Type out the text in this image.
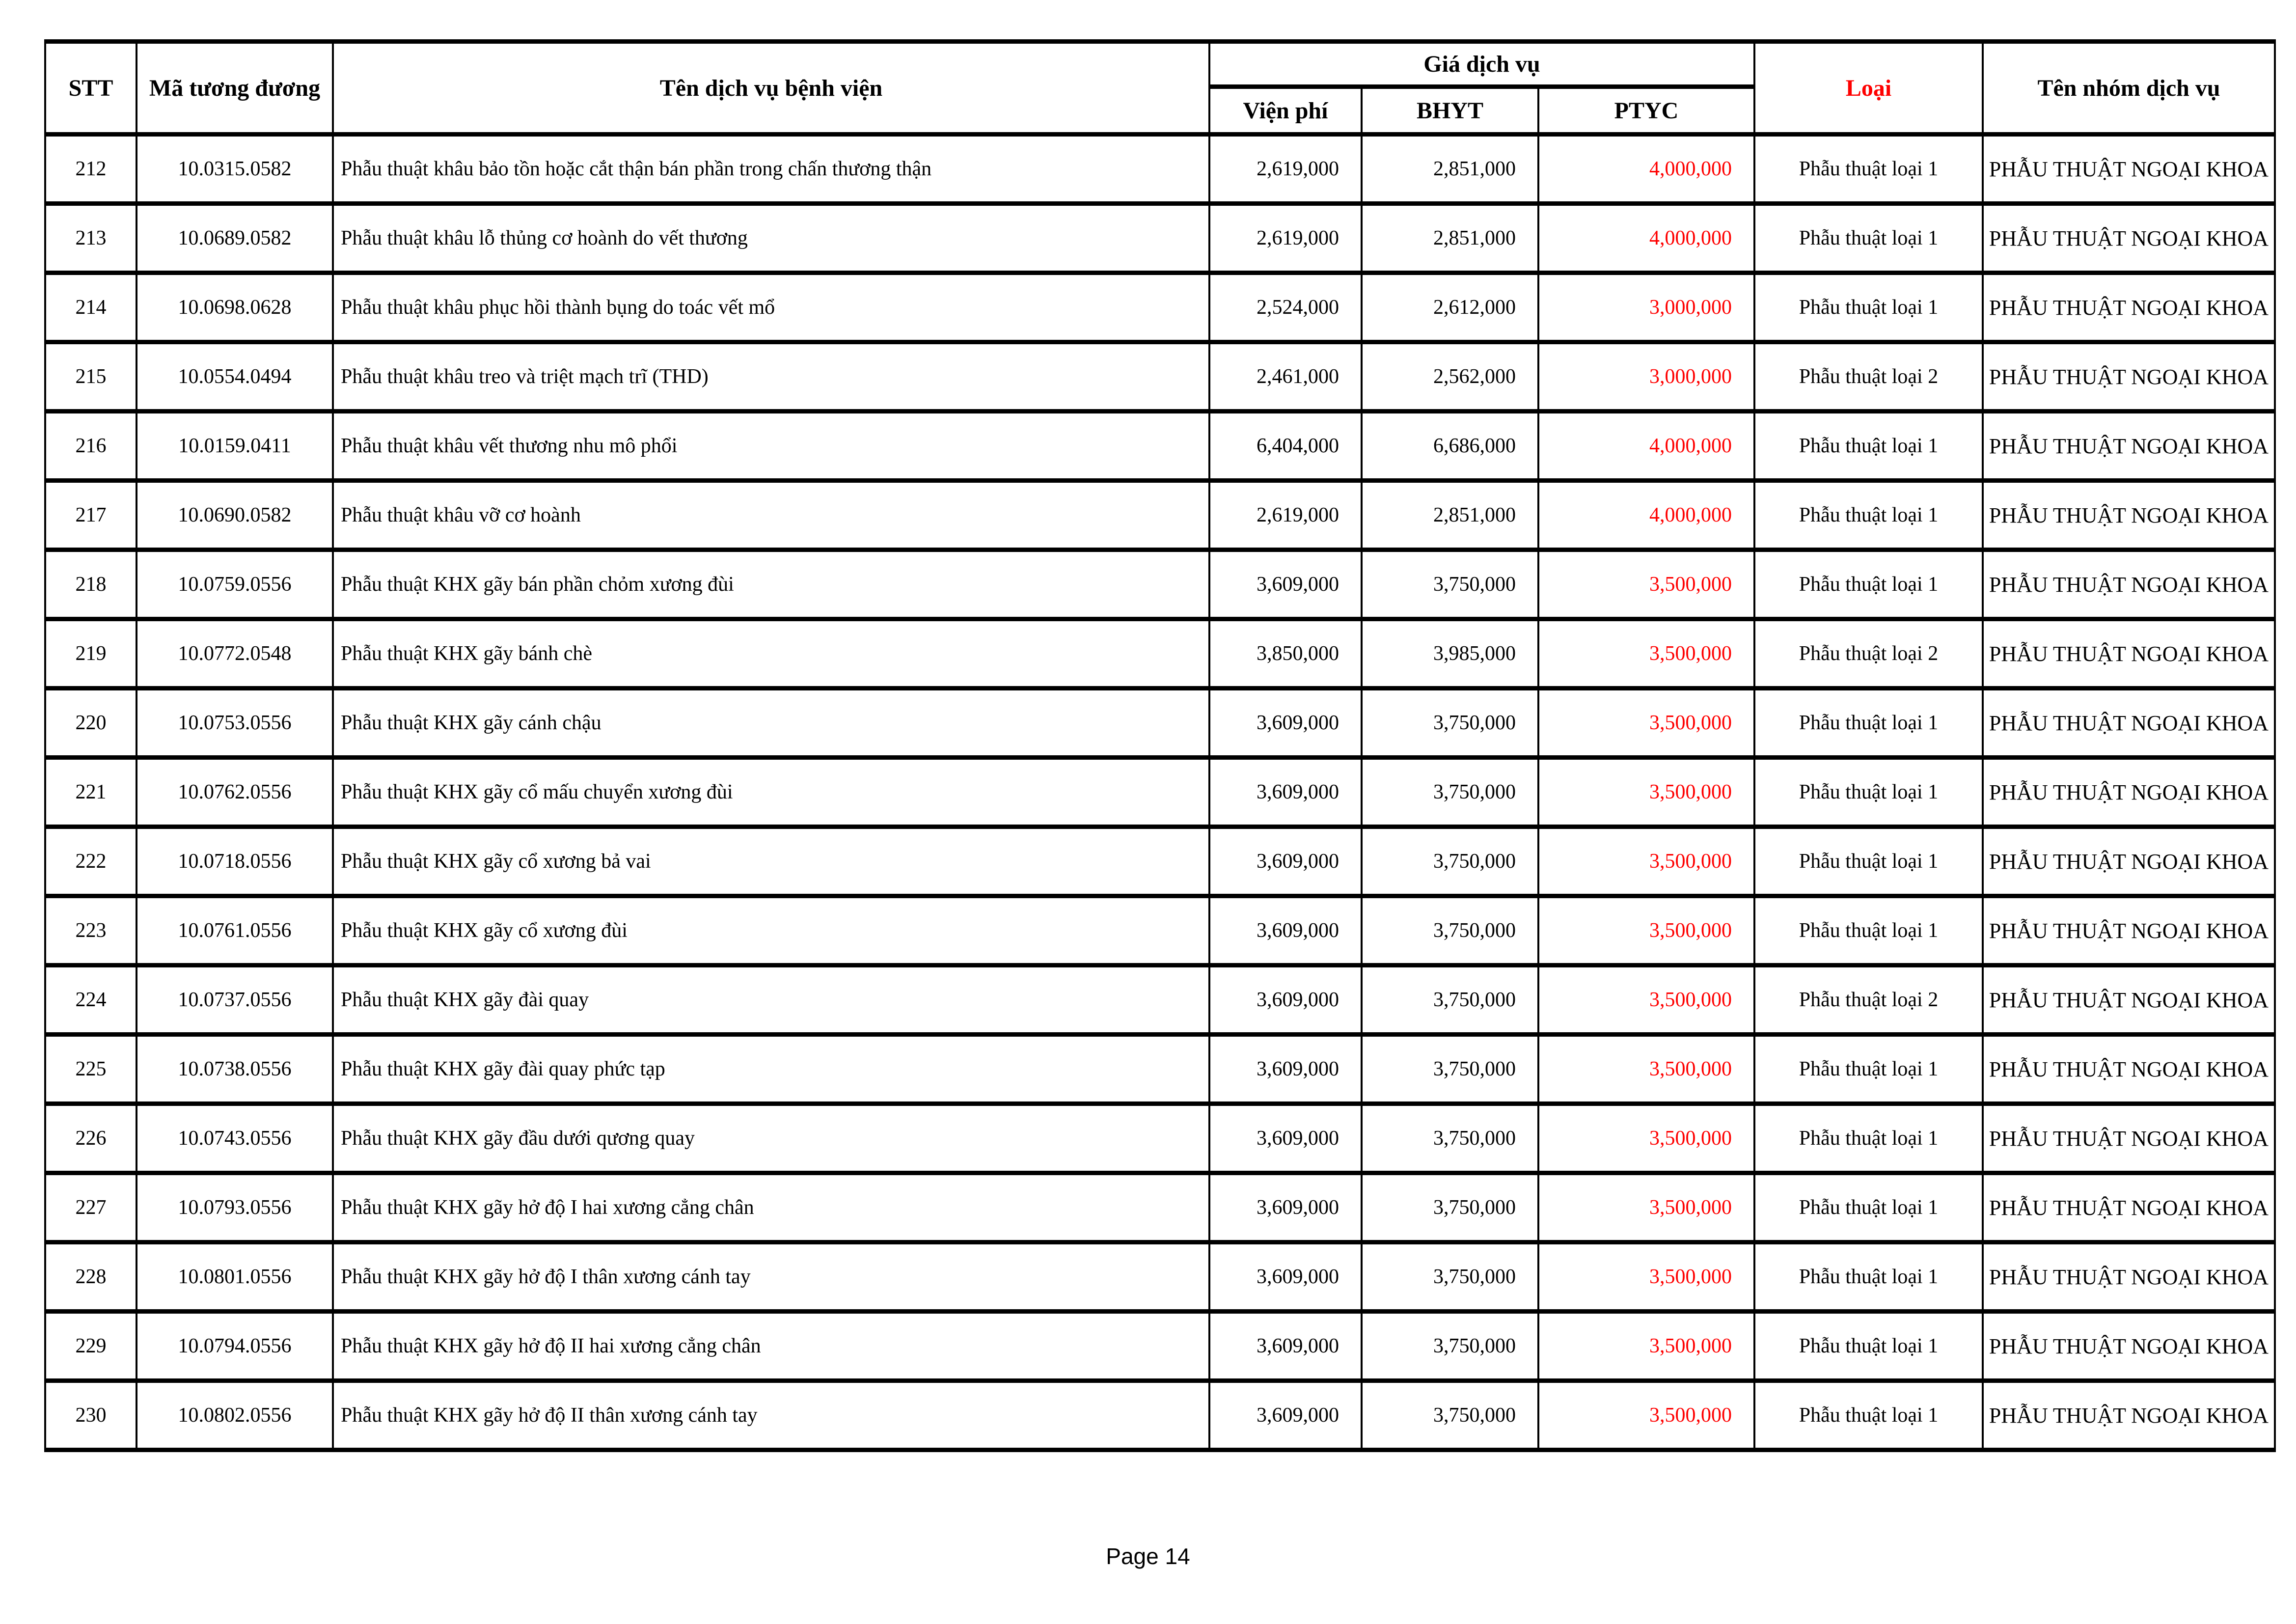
STT	Mã tương đương	Tên dịch vụ bệnh viện	Giá dịch vụ			Loại	Tên nhóm dịch vụ
			Viện phí	BHYT	PTYC		
212	10.0315.0582	Phẫu thuật khâu bảo tồn hoặc cắt thận bán phần trong chấn thương thận	2,619,000	2,851,000	4,000,000	Phẫu thuật loại 1	PHẪU THUẬT NGOẠI KHOA
213	10.0689.0582	Phẫu thuật khâu lỗ thủng cơ hoành do vết thương	2,619,000	2,851,000	4,000,000	Phẫu thuật loại 1	PHẪU THUẬT NGOẠI KHOA
214	10.0698.0628	Phẫu thuật khâu phục hồi thành bụng do toác vết mổ	2,524,000	2,612,000	3,000,000	Phẫu thuật loại 1	PHẪU THUẬT NGOẠI KHOA
215	10.0554.0494	Phẫu thuật khâu treo và triệt mạch trĩ (THD)	2,461,000	2,562,000	3,000,000	Phẫu thuật loại 2	PHẪU THUẬT NGOẠI KHOA
216	10.0159.0411	Phẫu thuật khâu vết thương nhu mô phổi	6,404,000	6,686,000	4,000,000	Phẫu thuật loại 1	PHẪU THUẬT NGOẠI KHOA
217	10.0690.0582	Phẫu thuật khâu vỡ cơ hoành	2,619,000	2,851,000	4,000,000	Phẫu thuật loại 1	PHẪU THUẬT NGOẠI KHOA
218	10.0759.0556	Phẫu thuật KHX gãy bán phần chỏm xương đùi	3,609,000	3,750,000	3,500,000	Phẫu thuật loại 1	PHẪU THUẬT NGOẠI KHOA
219	10.0772.0548	Phẫu thuật KHX gãy bánh chè	3,850,000	3,985,000	3,500,000	Phẫu thuật loại 2	PHẪU THUẬT NGOẠI KHOA
220	10.0753.0556	Phẫu thuật KHX gãy cánh chậu	3,609,000	3,750,000	3,500,000	Phẫu thuật loại 1	PHẪU THUẬT NGOẠI KHOA
221	10.0762.0556	Phẫu thuật KHX gãy cổ mấu chuyển xương đùi	3,609,000	3,750,000	3,500,000	Phẫu thuật loại 1	PHẪU THUẬT NGOẠI KHOA
222	10.0718.0556	Phẫu thuật KHX gãy cổ xương bả vai	3,609,000	3,750,000	3,500,000	Phẫu thuật loại 1	PHẪU THUẬT NGOẠI KHOA
223	10.0761.0556	Phẫu thuật KHX gãy cổ xương đùi	3,609,000	3,750,000	3,500,000	Phẫu thuật loại 1	PHẪU THUẬT NGOẠI KHOA
224	10.0737.0556	Phẫu thuật KHX gãy đài quay	3,609,000	3,750,000	3,500,000	Phẫu thuật loại 2	PHẪU THUẬT NGOẠI KHOA
225	10.0738.0556	Phẫu thuật KHX gãy đài quay phức tạp	3,609,000	3,750,000	3,500,000	Phẫu thuật loại 1	PHẪU THUẬT NGOẠI KHOA
226	10.0743.0556	Phẫu thuật KHX gãy đầu dưới qương quay	3,609,000	3,750,000	3,500,000	Phẫu thuật loại 1	PHẪU THUẬT NGOẠI KHOA
227	10.0793.0556	Phẫu thuật KHX gãy hở độ I hai xương cẳng chân	3,609,000	3,750,000	3,500,000	Phẫu thuật loại 1	PHẪU THUẬT NGOẠI KHOA
228	10.0801.0556	Phẫu thuật KHX gãy hở độ I thân xương cánh tay	3,609,000	3,750,000	3,500,000	Phẫu thuật loại 1	PHẪU THUẬT NGOẠI KHOA
229	10.0794.0556	Phẫu thuật KHX gãy hở độ II hai xương cẳng chân	3,609,000	3,750,000	3,500,000	Phẫu thuật loại 1	PHẪU THUẬT NGOẠI KHOA
230	10.0802.0556	Phẫu thuật KHX gãy hở độ II thân xương cánh tay	3,609,000	3,750,000	3,500,000	Phẫu thuật loại 1	PHẪU THUẬT NGOẠI KHOA
Page 14
